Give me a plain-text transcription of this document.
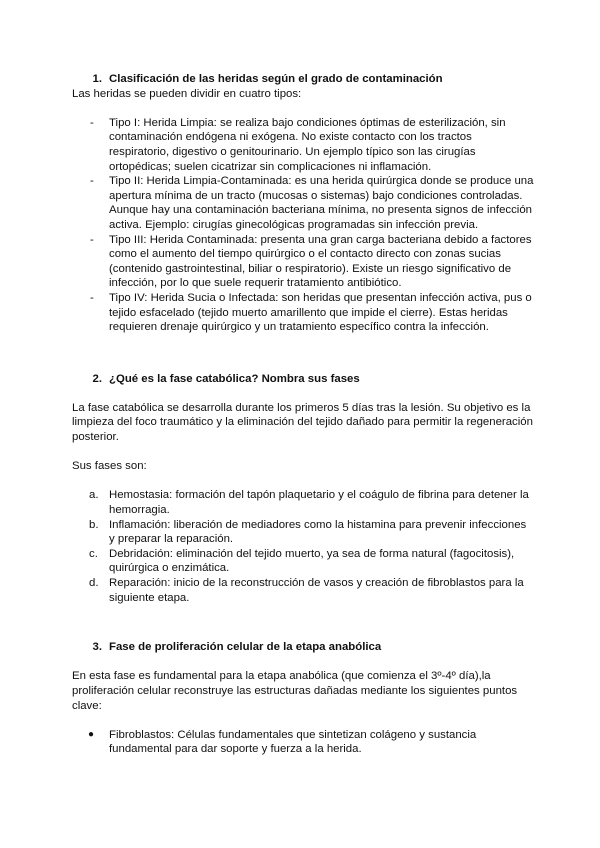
1. Clasificación de las heridas según el grado de contaminación

Las heridas se pueden dividir en cuatro tipos:

- Tipo I: Herida Limpia: se realiza bajo condiciones óptimas de esterilización, sin contaminación endógena ni exógena. No existe contacto con los tractos respiratorio, digestivo o genitourinario. Un ejemplo típico son las cirugías ortopédicas; suelen cicatrizar sin complicaciones ni inflamación.
- Tipo II: Herida Limpia-Contaminada: es una herida quirúrgica donde se produce una apertura mínima de un tracto (mucosas o sistemas) bajo condiciones controladas. Aunque hay una contaminación bacteriana mínima, no presenta signos de infección activa. Ejemplo: cirugías ginecológicas programadas sin infección previa.
- Tipo III: Herida Contaminada: presenta una gran carga bacteriana debido a factores como el aumento del tiempo quirúrgico o el contacto directo con zonas sucias (contenido gastrointestinal, biliar o respiratorio). Existe un riesgo significativo de infección, por lo que suele requerir tratamiento antibiótico.
- Tipo IV: Herida Sucia o Infectada: son heridas que presentan infección activa, pus o tejido esfacelado (tejido muerto amarillento que impide el cierre). Estas heridas requieren drenaje quirúrgico y un tratamiento específico contra la infección.
2. ¿Qué es la fase catabólica? Nombra sus fases

La fase catabólica se desarrolla durante los primeros 5 días tras la lesión. Su objetivo es la limpieza del foco traumático y la eliminación del tejido dañado para permitir la regeneración posterior.

Sus fases son:

a. Hemostasia: formación del tapón plaquetario y el coágulo de fibrina para detener la hemorragia.
b. Inflamación: liberación de mediadores como la histamina para prevenir infecciones y preparar la reparación.
c. Debridación: eliminación del tejido muerto, ya sea de forma natural (fagocitosis), quirúrgica o enzimática.
d. Reparación: inicio de la reconstrucción de vasos y creación de fibroblastos para la siguiente etapa.
3. Fase de proliferación celular de la etapa anabólica

En esta fase es fundamental para la etapa anabólica (que comienza el 3º-4º día),la proliferación celular reconstruye las estructuras dañadas mediante los siguientes puntos clave:

● Fibroblastos: Células fundamentales que sintetizan colágeno y sustancia fundamental para dar soporte y fuerza a la herida.
